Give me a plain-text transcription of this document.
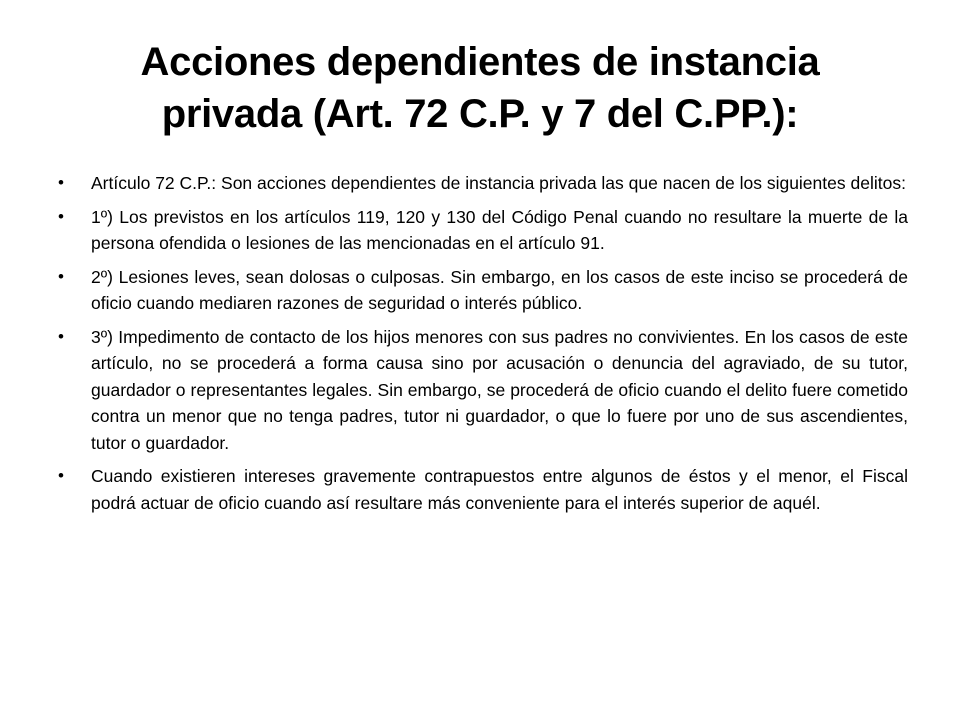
Acciones dependientes de instancia
privada (Art. 72 C.P. y 7 del C.PP.):
•	Artículo 72 C.P.: Son acciones dependientes de instancia privada las que nacen de los siguientes delitos:
•	1º) Los previstos en los artículos 119, 120 y 130 del Código Penal cuando no resultare la muerte de la persona ofendida o lesiones de las mencionadas en el artículo 91.
•	2º) Lesiones leves, sean dolosas o culposas. Sin embargo, en los casos de este inciso se procederá de oficio cuando mediaren razones de seguridad o interés público.
•	3º) Impedimento de contacto de los hijos menores con sus padres no convivientes. En los casos de este artículo, no se procederá a forma causa sino por acusación o denuncia del agraviado, de su tutor, guardador o representantes legales. Sin embargo, se procederá de oficio cuando el delito fuere cometido contra un menor que no tenga padres, tutor ni guardador, o que lo fuere por uno de sus ascendientes, tutor o guardador.
•	Cuando existieren intereses gravemente contrapuestos entre algunos de éstos y el menor, el Fiscal podrá actuar de oficio cuando así resultare más conveniente para el interés superior de aquél.
